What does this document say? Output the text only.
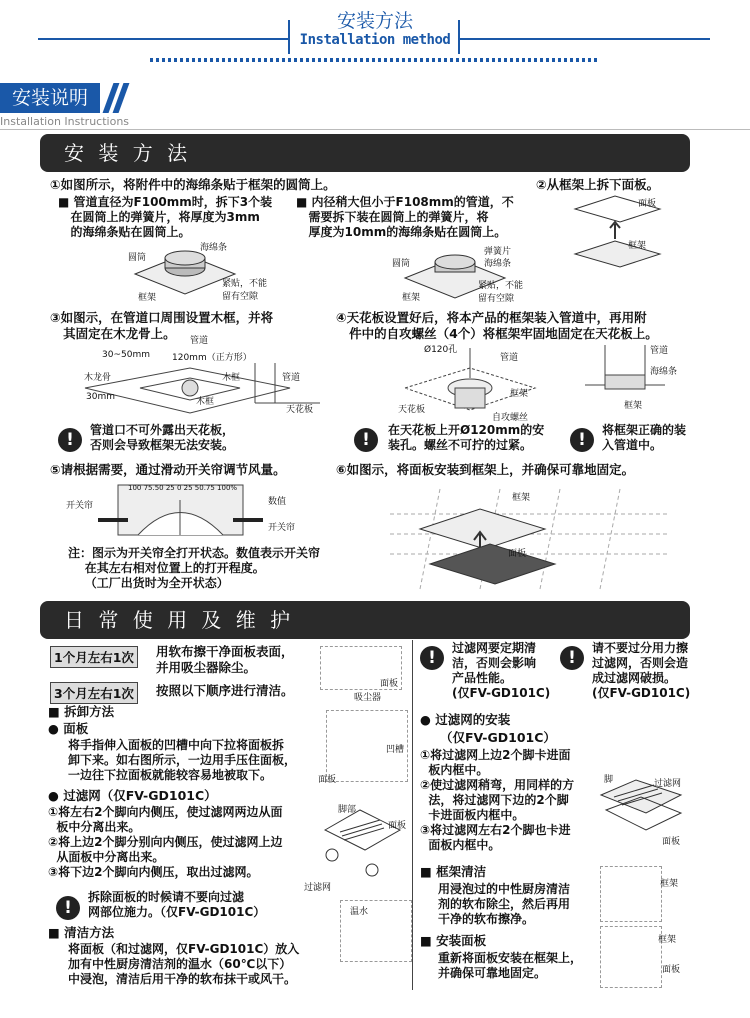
安装方法
Installation method
安装说明
Installation Instructions
安 装 方 法
①如图所示，将附件中的海绵条贴于框架的圆筒上。
■ 管道直径为F100mm时，拆下3个装
在圆筒上的弹簧片，将厚度为3mm
的海绵条贴在圆筒上。
■ 内径稍大但小于F108mm的管道，不
需要拆下装在圆筒上的弹簧片，将
厚度为10mm的海绵条贴在圆筒上。
②从框架上拆下面板。
圆筒
海绵条
框架
紧贴，不能
留有空隙
弹簧片
海绵条
圆筒
框架
紧贴，不能
留有空隙
面板
框架
③如图示，在管道口周围设置木框，并将
其固定在木龙骨上。	管道
30~50mm 120mm（正方形）
木龙骨	木框	管道
30mm	木框
天花板
!	管道口不可外露出天花板，
否则会导致框架无法安装。
④天花板设置好后，将本产品的框架装入管道中，再用附
件中的自攻螺丝（4个）将框架牢固地固定在天花板上。
Ø120孔
管道
框架
天花板
自攻螺丝
管道
海绵条
框架
!	在天花板上开Ø120mm的安
装孔。螺丝不可拧的过紧。	!	将框架正确的装
入管道中。
⑤请根据需要，通过滑动开关帘调节风量。
100 75.50 25 0 25 50.75 100%
开关帘	数值
开关帘
注：图示为开关帘全打开状态。数值表示开关帘
在其左右相对位置上的打开程度。
（工厂出货时为全开状态）
⑥如图示，将面板安装到框架上，并确保可靠地固定。
框架
面板
日 常 使 用 及 维 护
1个月左右1次	用软布擦干净面板表面，
并用吸尘器除尘。
3个月左右1次	按照以下顺序进行清洁。	面板
吸尘器
■ 拆卸方法
● 面板
将手指伸入面板的凹槽中向下拉将面板拆
卸下来。如右图所示，一边用手压住面板，
一边往下拉面板就能较容易地被取下。
凹槽
面板
● 过滤网（仅FV-GD101C）
①将左右2个脚向内侧压，使过滤网两边从面
板中分离出来。
②将上边2个脚分别向内侧压，使过滤网上边
从面板中分离出来。
③将下边2个脚向内侧压，取出过滤网。
脚部
面板
过滤网
!
拆除面板的时候请不要向过滤
网部位施力。（仅FV-GD101C）
■ 清洁方法
将面板（和过滤网，仅FV-GD101C）放入
加有中性厨房清洁剂的温水（60℃以下）
中浸泡，清洁后用干净的软布抹干或风干。
温水
!	过滤网要定期清
洁，否则会影响
产品性能。
(仅FV-GD101C)
!	请不要过分用力擦
过滤网，否则会造
成过滤网破损。
(仅FV-GD101C)
● 过滤网的安装
（仅FV-GD101C）
①将过滤网上边2个脚卡进面
板内框中。
②使过滤网稍弯，用同样的方
法，将过滤网下边的2个脚
卡进面板内框中。
③将过滤网左右2个脚也卡进
面板内框中。
脚	过滤网
面板
■ 框架清洁
用浸泡过的中性厨房清洁
剂的软布除尘，然后再用
干净的软布擦净。
框架
■ 安装面板
重新将面板安装在框架上，
并确保可靠地固定。
框架
面板
